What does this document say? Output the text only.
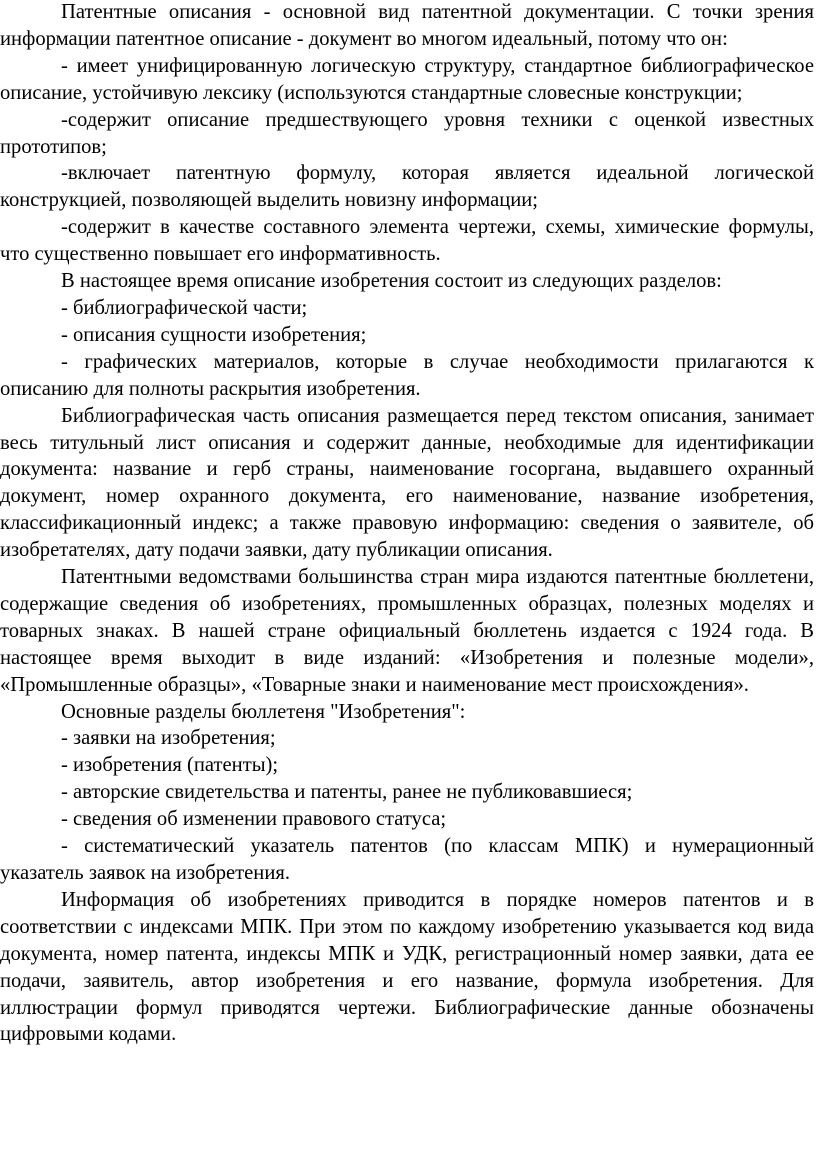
Патентные описания - основной вид патентной документации. С точки зрения информации патентное описание - документ во многом идеальный, потому что он:

- имеет унифицированную логическую структуру, стандартное библиографическое описание, устойчивую лексику (используются стандартные словесные конструкции;

-содержит описание предшествующего уровня техники с оценкой известных прототипов;

-включает патентную формулу, которая является идеальной логической конструкцией, позволяющей выделить новизну информации;

-содержит в качестве составного элемента чертежи, схемы, химические формулы, что существенно повышает его информативность.

В настоящее время описание изобретения состоит из следующих разделов:

- библиографической части;

- описания сущности изобретения;

- графических материалов, которые в случае необходимости прилагаются к описанию для полноты раскрытия изобретения.

Библиографическая часть описания размещается перед текстом описания, занимает весь титульный лист описания и содержит данные, необходимые для идентификации документа: название и герб страны, наименование госоргана, выдавшего охранный документ, номер охранного документа, его наименование, название изобретения, классификационный индекс; а также правовую информацию: сведения о заявителе, об изобретателях, дату подачи заявки, дату публикации описания.

Патентными ведомствами большинства стран мира издаются патентные бюллетени, содержащие сведения об изобретениях, промышленных образцах, полезных моделях и товарных знаках. В нашей стране официальный бюллетень издается с 1924 года. В настоящее время выходит в виде изданий: «Изобретения и полезные модели», «Промышленные образцы», «Товарные знаки и наименование мест происхождения».

Основные разделы бюллетеня "Изобретения":

- заявки на изобретения;

- изобретения (патенты);

- авторские свидетельства и патенты, ранее не публиковавшиеся;

- сведения об изменении правового статуса;

- систематический указатель патентов (по классам МПК) и нумерационный указатель заявок на изобретения.

Информация об изобретениях приводится в порядке номеров патентов и в соответствии с индексами МПК. При этом по каждому изобретению указывается код вида документа, номер патента, индексы МПК и УДК, регистрационный номер заявки, дата ее подачи, заявитель, автор изобретения и его название, формула изобретения. Для иллюстрации формул приводятся чертежи. Библиографические данные обозначены цифровыми кодами.
